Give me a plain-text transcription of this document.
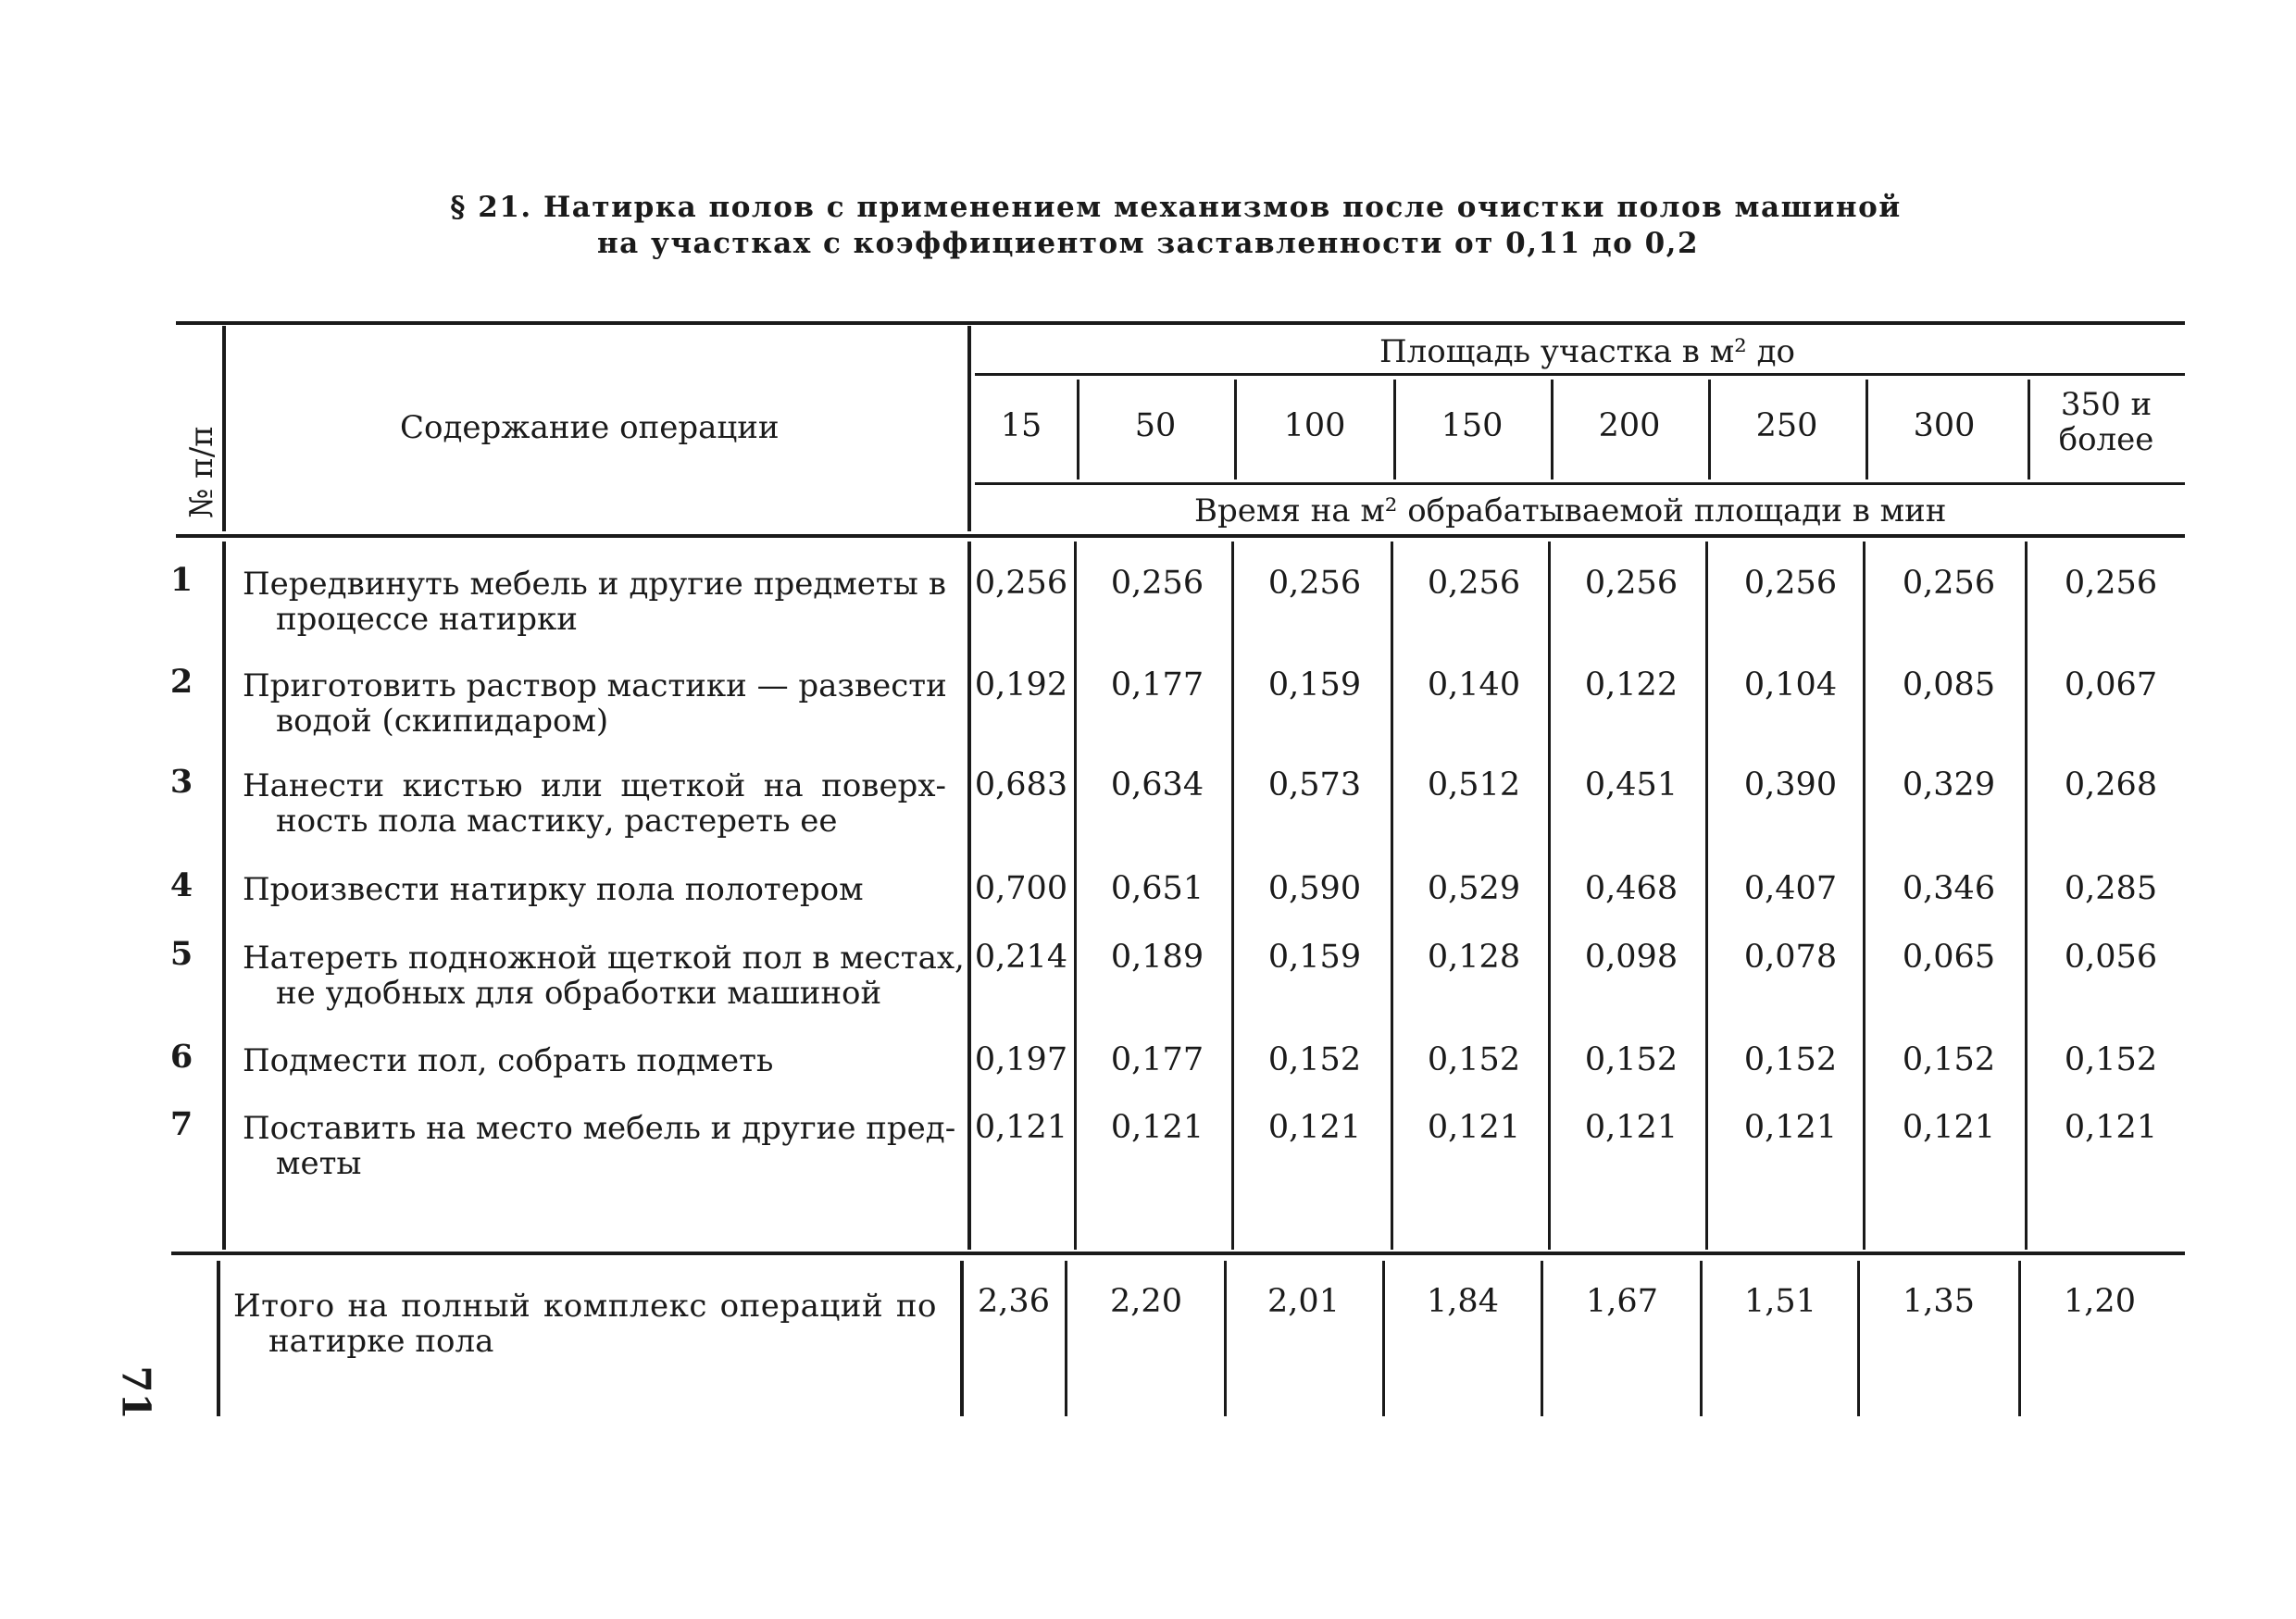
§ 21. Натирка полов с применением механизмов после очистки полов машиной
на участках с коэффициентом заставленности от 0,11 до 0,2
№ п/п	Содержание операции
Площадь участка в м² до
Время на м² обрабатываемой площади в мин
15	50	100	150	200	250	300
350 и более
1 Передвинуть мебель и другие предметы в
процессе натирки
0,256	0,256	0,256	0,256	0,256	0,256	0,256	0,256
2 Приготовить раствор мастики — развести
водой (скипидаром)
0,192	0,177	0,159	0,140	0,122	0,104	0,085	0,067
3 Нанести кистью или щеткой на поверх-
ность пола мастику, растереть ее
0,683	0,634	0,573	0,512	0,451	0,390	0,329	0,268
4 Произвести натирку пола полотером	0,700	0,651	0,590	0,529	0,468	0,407	0,346	0,285
5 Натереть подножной щеткой пол в местах,
не удобных для обработки машиной
0,214	0,189	0,159	0,128	0,098	0,078	0,065	0,056
6 Подмести пол, собрать подметь	0,197	0,177	0,152	0,152	0,152	0,152	0,152	0,152
7 Поставить на место мебель и другие пред-
меты
0,121	0,121	0,121	0,121	0,121	0,121	0,121	0,121
Итого на полный комплекс операций по
натирке пола
2,36	2,20	2,01	1,84	1,67	1,51	1,35	1,20
71
